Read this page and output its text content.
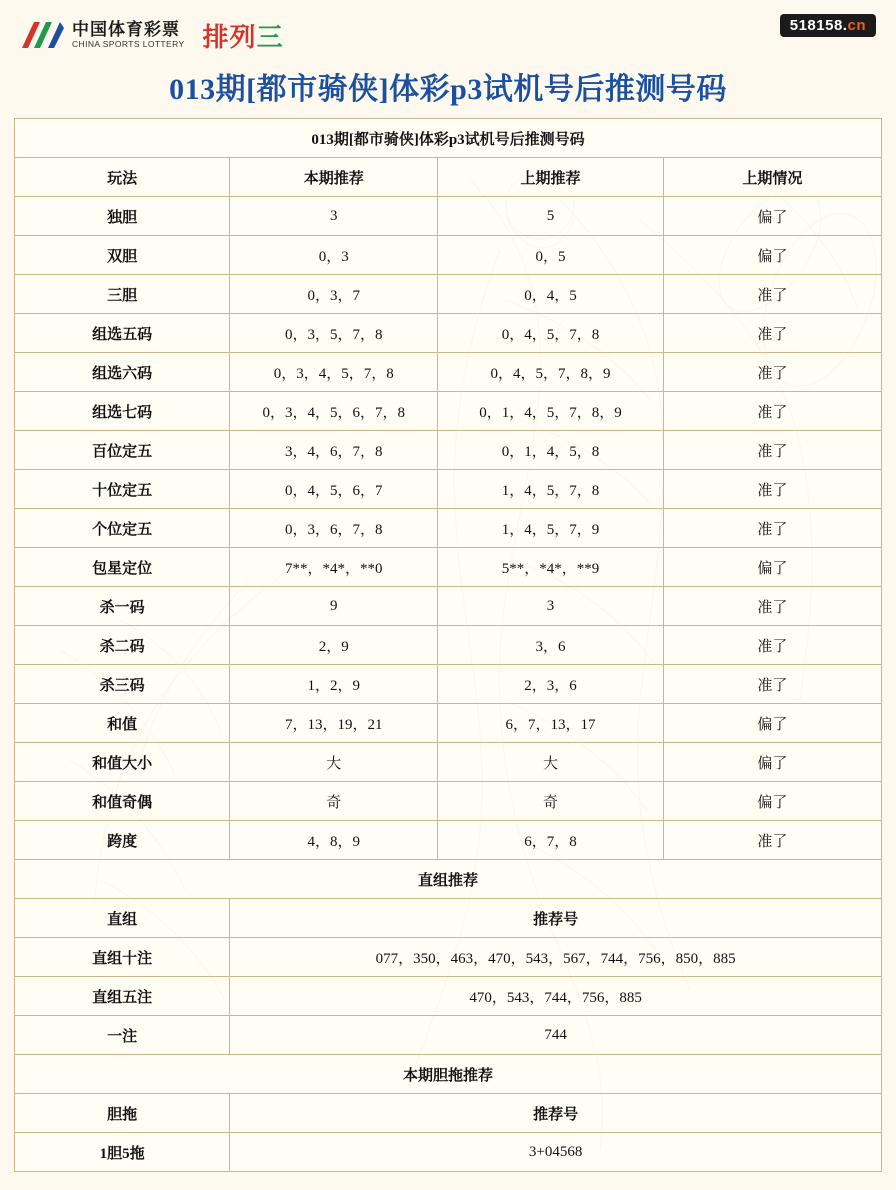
中国体育彩票
CHINA SPORTS LOTTERY 排列 三	518158.cn
013期[都市骑侠]体彩p3试机号后推测号码
013期[都市骑侠]体彩p3试机号后推测号码			
玩法	本期推荐	上期推荐	上期情况
独胆	3	5	偏了
双胆	0，3	0，5	偏了
三胆	0，3，7	0，4，5	准了
组选五码	0，3，5，7，8	0，4，5，7，8	准了
组选六码	0，3，4，5，7，8	0，4，5，7，8，9	准了
组选七码	0，3，4，5，6，7，8	0，1，4，5，7，8，9	准了
百位定五	3，4，6，7，8	0，1，4，5，8	准了
十位定五	0，4，5，6，7	1，4，5，7，8	准了
个位定五	0，3，6，7，8	1，4，5，7，9	准了
包星定位	7**，*4*，**0	5**，*4*，**9	偏了
杀一码	9	3	准了
杀二码	2，9	3，6	准了
杀三码	1，2，9	2，3，6	准了
和值	7，13，19，21	6，7，13，17	偏了
和值大小	大	大	偏了
和值奇偶	奇	奇	偏了
跨度	4，8，9	6，7，8	准了
直组推荐			
直组	推荐号		
直组十注	077，350，463，470，543，567，744，756，850，885		
直组五注	470，543，744，756，885		
一注	744		
本期胆拖推荐			
胆拖	推荐号		
1胆5拖	3+04568		
